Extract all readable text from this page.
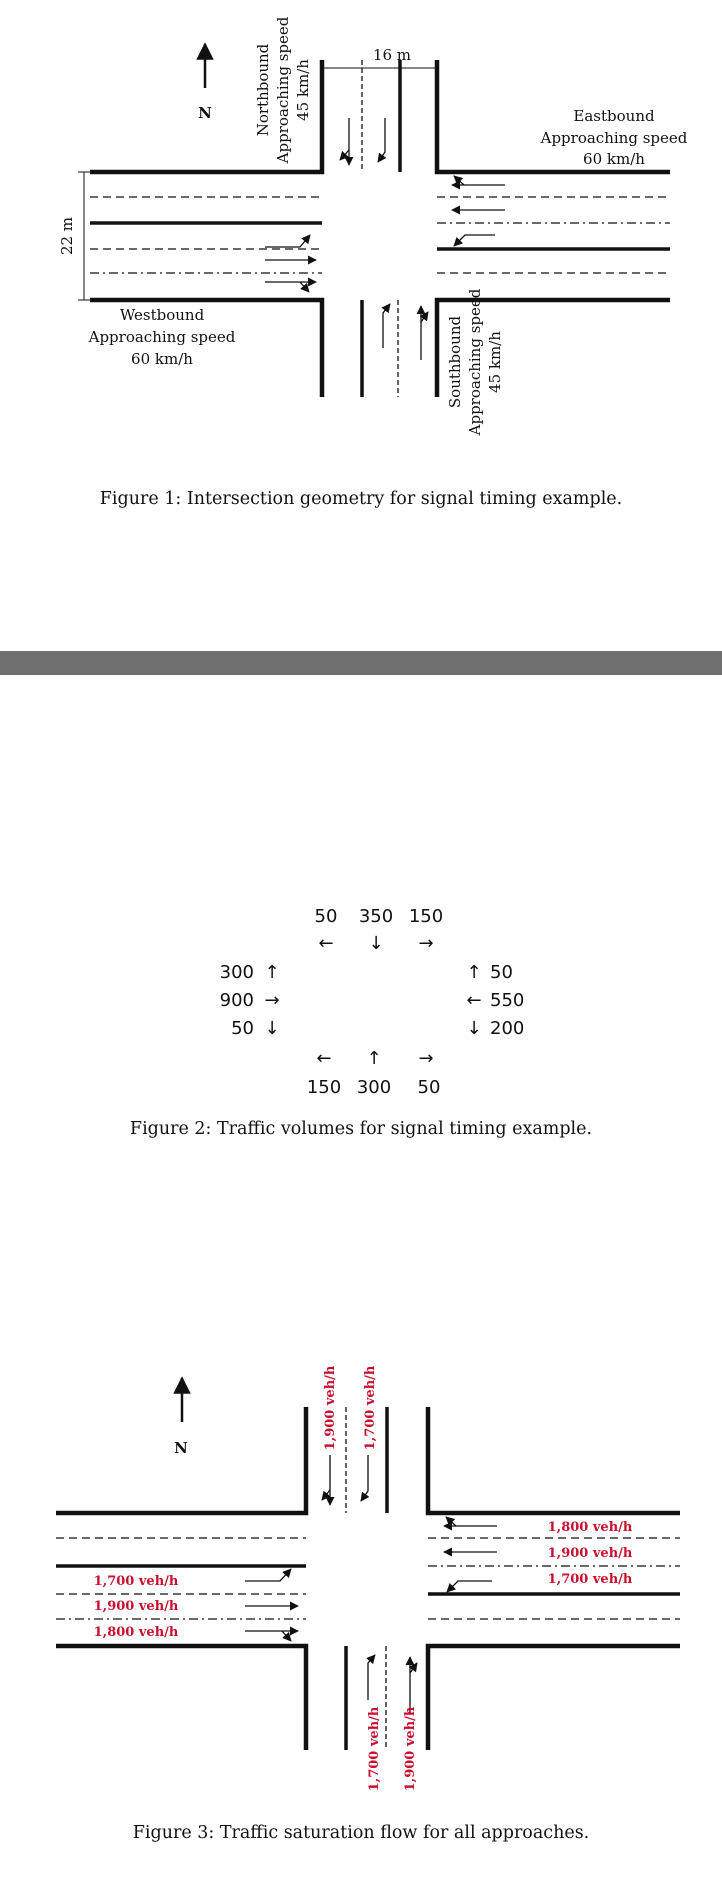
N
16 m
22 m
Northbound Approaching speed 45 km/h
Southbound Approaching speed 45 km/h
Eastbound
Approaching speed
60 km/h
Westbound
Approaching speed
60 km/h
Figure 1: Intersection geometry for signal timing example.
50 350 150
← ↓ →
300
900
50
↑
→
↓
↑
←
↓
50
550
200
← ↑ →
150 300 50
Figure 2: Traffic volumes for signal timing example.
N	1,900 veh/h 1,700 veh/h
1,700 veh/h 1,900 veh/h
1,800 veh/h
1,900 veh/h
1,700 veh/h
1,700 veh/h
1,900 veh/h
1,800 veh/h
Figure 3: Traffic saturation flow for all approaches.
